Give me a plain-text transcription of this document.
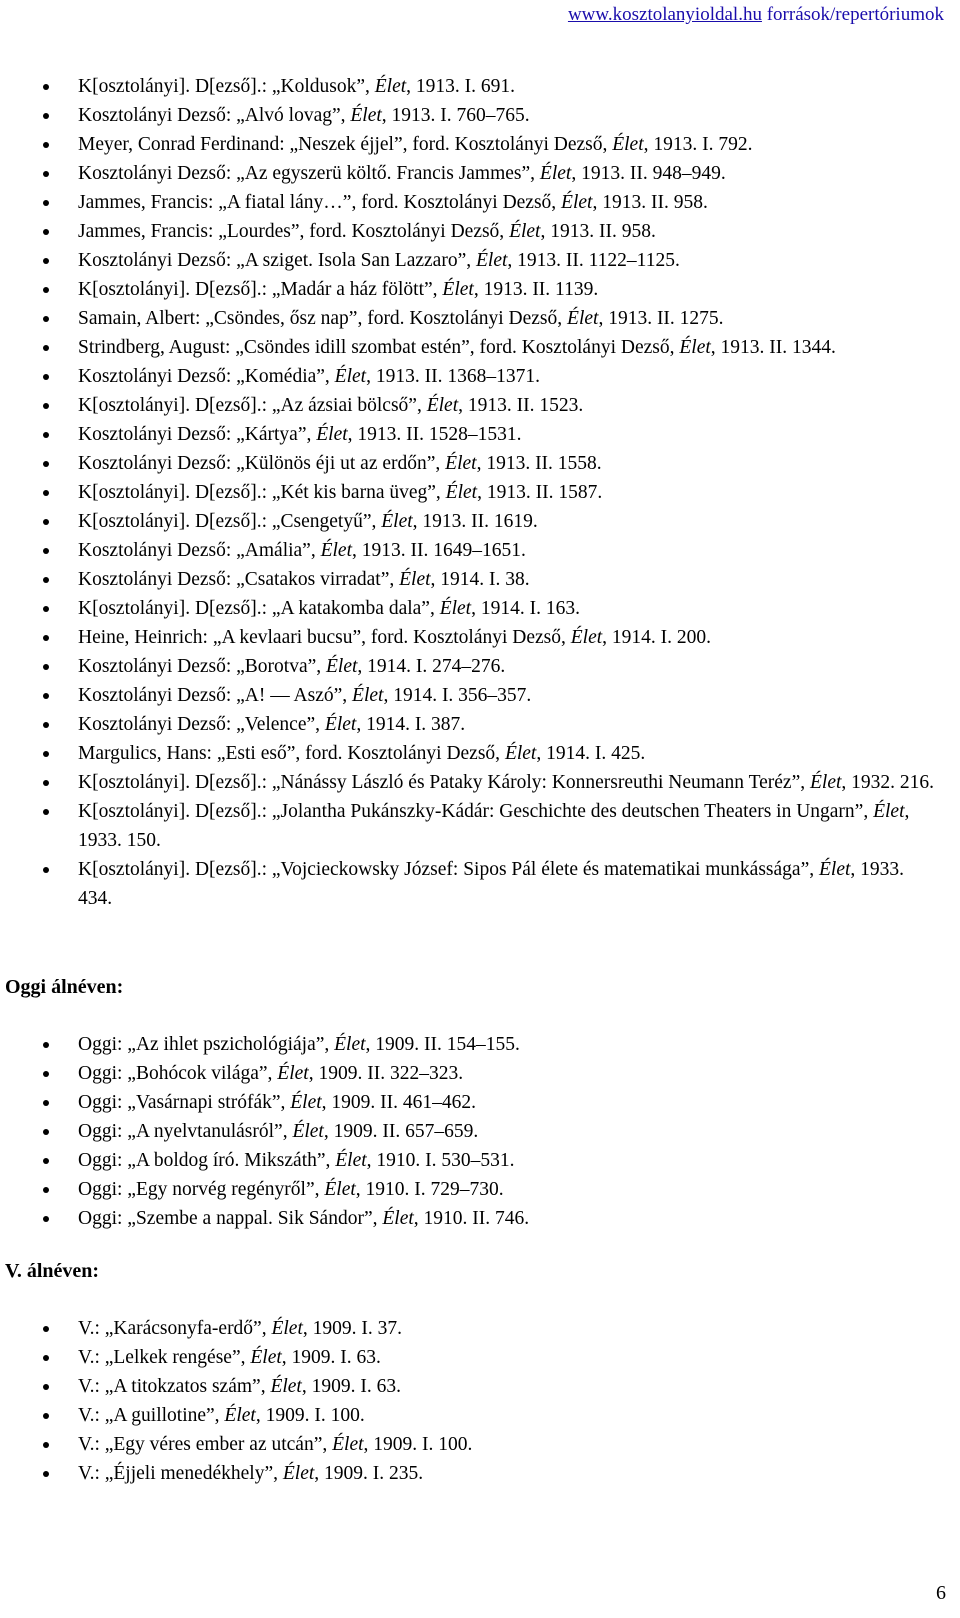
www.kosztolanyioldal.hu források/repertóriumok
K[osztolányi]. D[ezső].: „Koldusok”, Élet, 1913. I. 691.
Kosztolányi Dezső: „Alvó lovag”, Élet, 1913. I. 760–765.
Meyer, Conrad Ferdinand: „Neszek éjjel”, ford. Kosztolányi Dezső, Élet, 1913. I. 792.
Kosztolányi Dezső: „Az egyszerü költő. Francis Jammes”, Élet, 1913. II. 948–949.
Jammes, Francis: „A fiatal lány…”, ford. Kosztolányi Dezső, Élet, 1913. II. 958.
Jammes, Francis: „Lourdes”, ford. Kosztolányi Dezső, Élet, 1913. II. 958.
Kosztolányi Dezső: „A sziget. Isola San Lazzaro”, Élet, 1913. II. 1122–1125.
K[osztolányi]. D[ezső].: „Madár a ház fölött”, Élet, 1913. II. 1139.
Samain, Albert: „Csöndes, ősz nap”, ford. Kosztolányi Dezső, Élet, 1913. II. 1275.
Strindberg, August: „Csöndes idill szombat estén”, ford. Kosztolányi Dezső, Élet, 1913. II. 1344.
Kosztolányi Dezső: „Komédia”, Élet, 1913. II. 1368–1371.
K[osztolányi]. D[ezső].: „Az ázsiai bölcső”, Élet, 1913. II. 1523.
Kosztolányi Dezső: „Kártya”, Élet, 1913. II. 1528–1531.
Kosztolányi Dezső: „Különös éji ut az erdőn”, Élet, 1913. II. 1558.
K[osztolányi]. D[ezső].: „Két kis barna üveg”, Élet, 1913. II. 1587.
K[osztolányi]. D[ezső].: „Csengetyű”, Élet, 1913. II. 1619.
Kosztolányi Dezső: „Amália”, Élet, 1913. II. 1649–1651.
Kosztolányi Dezső: „Csatakos virradat”, Élet, 1914. I. 38.
K[osztolányi]. D[ezső].: „A katakomba dala”, Élet, 1914. I. 163.
Heine, Heinrich: „A kevlaari bucsu”, ford. Kosztolányi Dezső, Élet, 1914. I. 200.
Kosztolányi Dezső: „Borotva”, Élet, 1914. I. 274–276.
Kosztolányi Dezső: „A! — Aszó”, Élet, 1914. I. 356–357.
Kosztolányi Dezső: „Velence”, Élet, 1914. I. 387.
Margulics, Hans: „Esti eső”, ford. Kosztolányi Dezső, Élet, 1914. I. 425.
K[osztolányi]. D[ezső].: „Nánássy László és Pataky Károly: Konnersreuthi Neumann Teréz”, Élet, 1932. 216.
K[osztolányi]. D[ezső].: „Jolantha Pukánszky-Kádár: Geschichte des deutschen Theaters in Ungarn”, Élet, 1933. 150.
K[osztolányi]. D[ezső].: „Vojcieckowsky József: Sipos Pál élete és matematikai munkássága”, Élet, 1933. 434.
Oggi álnéven:
Oggi: „Az ihlet pszichológiája”, Élet, 1909. II. 154–155.
Oggi: „Bohócok világa”, Élet, 1909. II. 322–323.
Oggi: „Vasárnapi strófák”, Élet, 1909. II. 461–462.
Oggi: „A nyelvtanulásról”, Élet, 1909. II. 657–659.
Oggi: „A boldog író. Mikszáth”, Élet, 1910. I. 530–531.
Oggi: „Egy norvég regényről”, Élet, 1910. I. 729–730.
Oggi: „Szembe a nappal. Sik Sándor”, Élet, 1910. II. 746.
V. álnéven:
V.: „Karácsonyfa-erdő”, Élet, 1909. I. 37.
V.: „Lelkek rengése”, Élet, 1909. I. 63.
V.: „A titokzatos szám”, Élet, 1909. I. 63.
V.: „A guillotine”, Élet, 1909. I. 100.
V.: „Egy véres ember az utcán”, Élet, 1909. I. 100.
V.: „Éjjeli menedékhely”, Élet, 1909. I. 235.
6
